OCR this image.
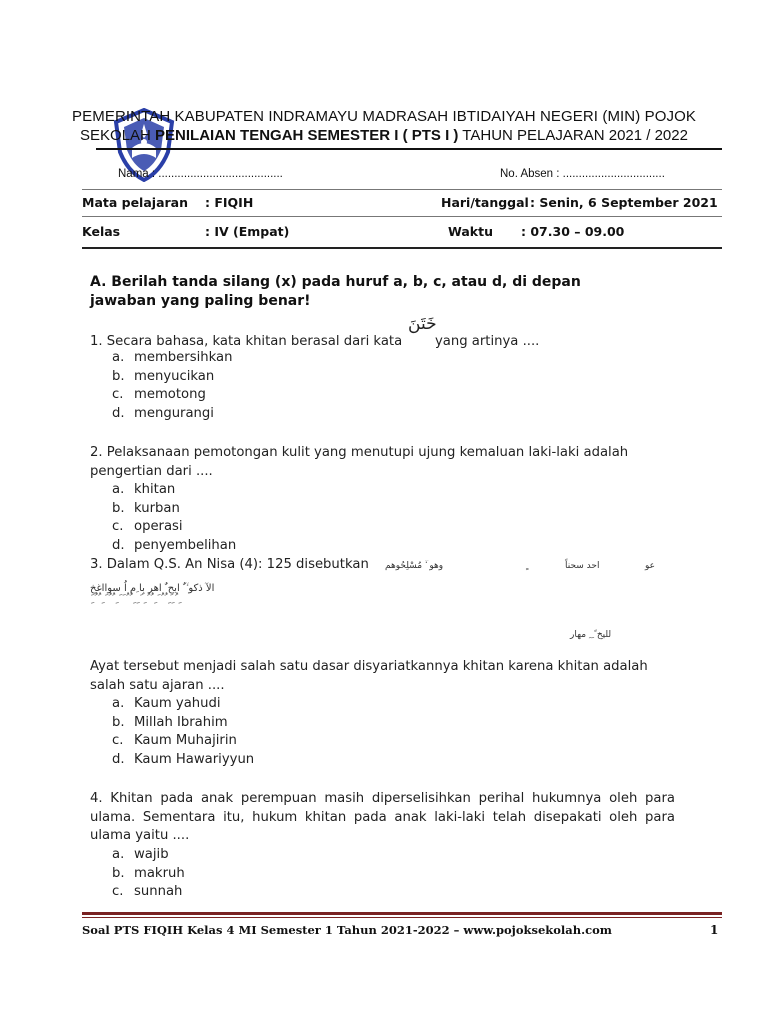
PEMERINTAH KABUPATEN INDRAMAYU MADRASAH IBTIDAIYAH NEGERI (MIN) POJOK
SEKOLAH PENILAIAN TENGAH SEMESTER I ( PTS I ) TAHUN PELAJARAN 2021 / 2022
Nama : .......................................	No. Absen : ................................
Mata pelajaran : FIQIH	Hari/tanggal : Senin, 6 September 2021
Kelas	: IV (Empat)	Waktu : 07.30 – 09.00
A. Berilah tanda silang (x) pada huruf a, b, c, atau d, di depan jawaban yang paling benar!
1. Secara bahasa, kata khitan berasal dari kata
خَتَنَ
yang artinya ....
a. membersihkan
b. menyucikan
c. memotong
d. mengurangi
2. Pelaksanaan pemotongan kulit yang menutupi ujung kemaluan laki-laki adalah pengertian dari ....
a. khitan
b. kurban
c. operasi
d. penyembelihan
3. Dalam Q.S. An Nisa (4): 125 disebutkan	وهو ۛ ۙ مُسْلِحُوهم	احد سحناً	عو
الآ ذكو ۙ ٌ ابحِ ٌ اهر بِا ِم اُ سوااغخ
َ ِ ُ ُ ِ َ ُ ُ ِ َ َ ُ ُ ِ ِ َ ِ ُ ُ ِ َ ُ ُ ِ ِ ُ ِ
لليخ ً ِ ِ مهار
Ayat tersebut menjadi salah satu dasar disyariatkannya khitan karena khitan adalah salah satu ajaran ....
a. Kaum yahudi
b. Millah Ibrahim
c. Kaum Muhajirin
d. Kaum Hawariyyun
4. Khitan pada anak perempuan masih diperselisihkan perihal hukumnya oleh para ulama. Sementara itu, hukum khitan pada anak laki-laki telah disepakati oleh para ulama yaitu ....
a. wajib
b. makruh
c. sunnah
Soal PTS FIQIH Kelas 4 MI Semester 1 Tahun 2021-2022 – www.pojoksekolah.com	1
